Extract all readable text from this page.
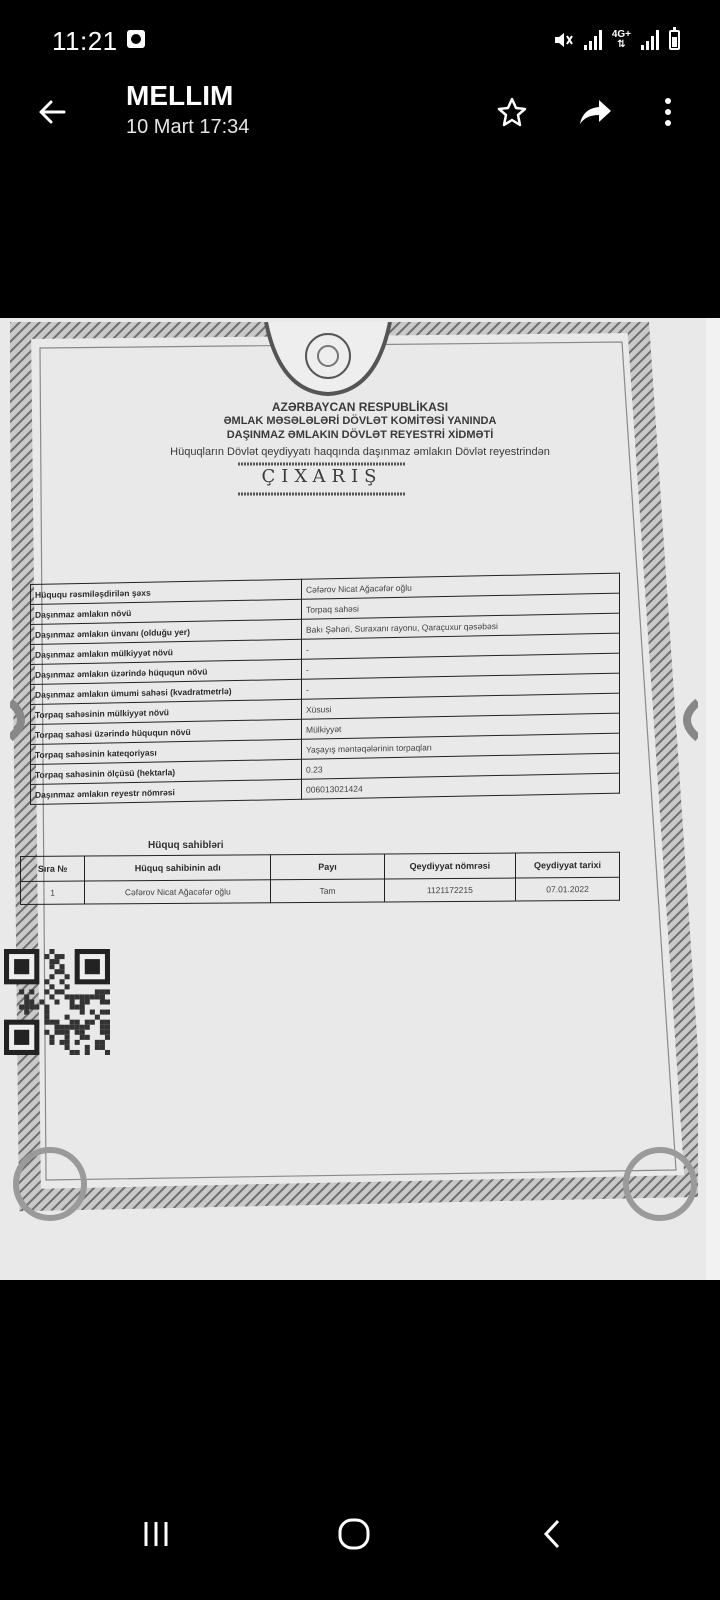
11:21	4G+
⇅
MELLIM
10 Mart 17:34
AZƏRBAYCAN RESPUBLİKASI
ƏMLAK MƏSƏLƏLƏRİ DÖVLƏT KOMİTƏSİ YANINDA
DAŞINMAZ ƏMLAKIN DÖVLƏT REYESTRİ XİDMƏTİ
Hüquqların Dövlət qeydiyyatı haqqında daşınmaz əmlakın Dövlət reyestrindən
ÇIXARIŞ
Hüququ rəsmiləşdirilən şəxs	Cəfərov Nicat Ağacəfər oğlu
Daşınmaz əmlakın növü	Torpaq sahəsi
Daşınmaz əmlakın ünvanı (olduğu yer)	Bakı Şəhəri, Suraxanı rayonu, Qaraçuxur qəsəbəsi
Daşınmaz əmlakın mülkiyyət növü	-
Daşınmaz əmlakın üzərində hüququn növü	-
Daşınmaz əmlakın ümumi sahəsi (kvadratmetrlə)	-
Torpaq sahəsinin mülkiyyət növü	Xüsusi
Torpaq sahəsi üzərində hüququn növü	Mülkiyyət
Torpaq sahəsinin kateqoriyası	Yaşayış məntəqələrinin torpaqları
Torpaq sahəsinin ölçüsü (hektarla)	0.23
Daşınmaz əmlakın reyestr nömrəsi	006013021424
Hüquq sahibləri
Sıra №	Hüquq sahibinin adı	Payı	Qeydiyyat nömrəsi	Qeydiyyat tarixi
1	Cəfərov Nicat Ağacəfər oğlu	Tam	1121172215	07.01.2022
